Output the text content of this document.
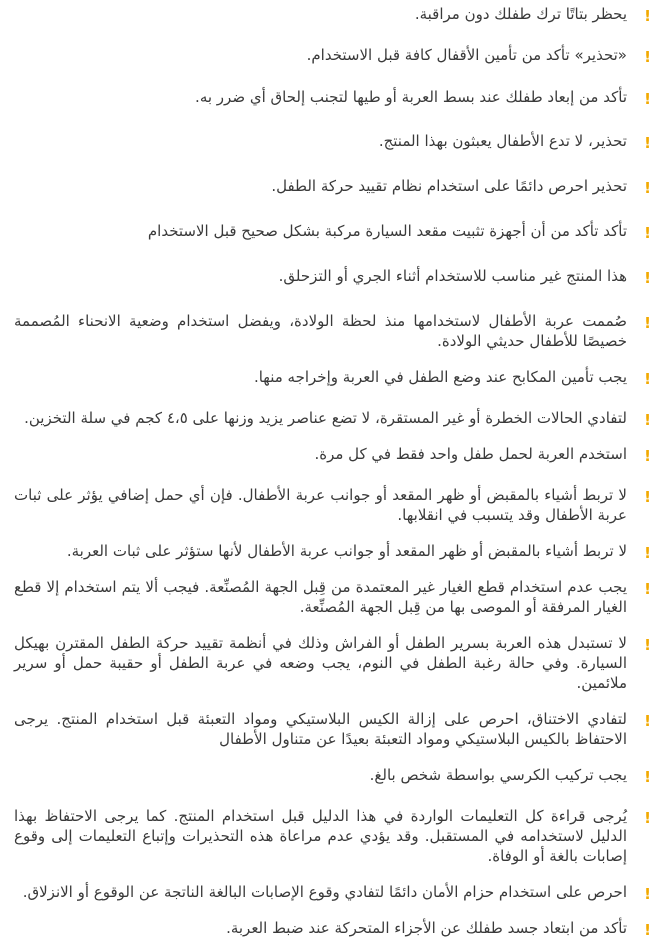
!
يحظر بتاتًا ترك طفلك دون مراقبة.
!
«تحذير» تأكد من تأمين الأقفال كافة قبل الاستخدام.
!
تأكد من إبعاد طفلك عند بسط العربة أو طيها لتجنب إلحاق أي ضرر به.
!
تحذير، لا تدع الأطفال يعبثون بهذا المنتج.
!
تحذير احرص دائمًا على استخدام نظام تقييد حركة الطفل.
!
تأكد تأكد من أن أجهزة تثبيت مقعد السيارة مركبة بشكل صحيح قبل الاستخدام
!
هذا المنتج غير مناسب للاستخدام أثناء الجري أو التزحلق.
!
صُممت عربة الأطفال لاستخدامها منذ لحظة الولادة، ويفضل استخدام وضعية الانحناء المُصممة خصيصًا للأطفال حديثي الولادة.
!
يجب تأمين المكابح عند وضع الطفل في العربة وإخراجه منها.
!
لتفادي الحالات الخطرة أو غير المستقرة، لا تضع عناصر يزيد وزنها على ٤،٥ كجم في سلة التخزين.
!
استخدم العربة لحمل طفل واحد فقط في كل مرة.
!
لا تربط أشياء بالمقبض أو ظهر المقعد أو جوانب عربة الأطفال. فإن أي حمل إضافي يؤثر على ثبات عربة الأطفال وقد يتسبب في انقلابها.
!
لا تربط أشياء بالمقبض أو ظهر المقعد أو جوانب عربة الأطفال لأنها ستؤثر على ثبات العربة.
!
يجب عدم استخدام قطع الغيار غير المعتمدة من قِبل الجهة المُصنِّعة. فيجب ألا يتم استخدام إلا قطع الغيار المرفقة أو الموصى بها من قِبل الجهة المُصنِّعة.
!
لا تستبدل هذه العربة بسرير الطفل أو الفراش وذلك في أنظمة تقييد حركة الطفل المقترن بهيكل السيارة. وفي حالة رغبة الطفل في النوم، يجب وضعه في عربة الطفل أو حقيبة حمل أو سرير ملائمين.
!
لتفادي الاختناق، احرص على إزالة الكيس البلاستيكي ومواد التعبئة قبل استخدام المنتج. يرجى الاحتفاظ بالكيس البلاستيكي ومواد التعبئة بعيدًا عن متناول الأطفال
!
يجب تركيب الكرسي بواسطة شخص بالغ.
!
يُرجى قراءة كل التعليمات الواردة في هذا الدليل قبل استخدام المنتج. كما يرجى الاحتفاظ بهذا الدليل لاستخدامه في المستقبل. وقد يؤدي عدم مراعاة هذه التحذيرات وإتباع التعليمات إلى وقوع إصابات بالغة أو الوفاة.
!
احرص على استخدام حزام الأمان دائمًا لتفادي وقوع الإصابات البالغة الناتجة عن الوقوع أو الانزلاق.
!
تأكد من ابتعاد جسد طفلك عن الأجزاء المتحركة عند ضبط العربة.
